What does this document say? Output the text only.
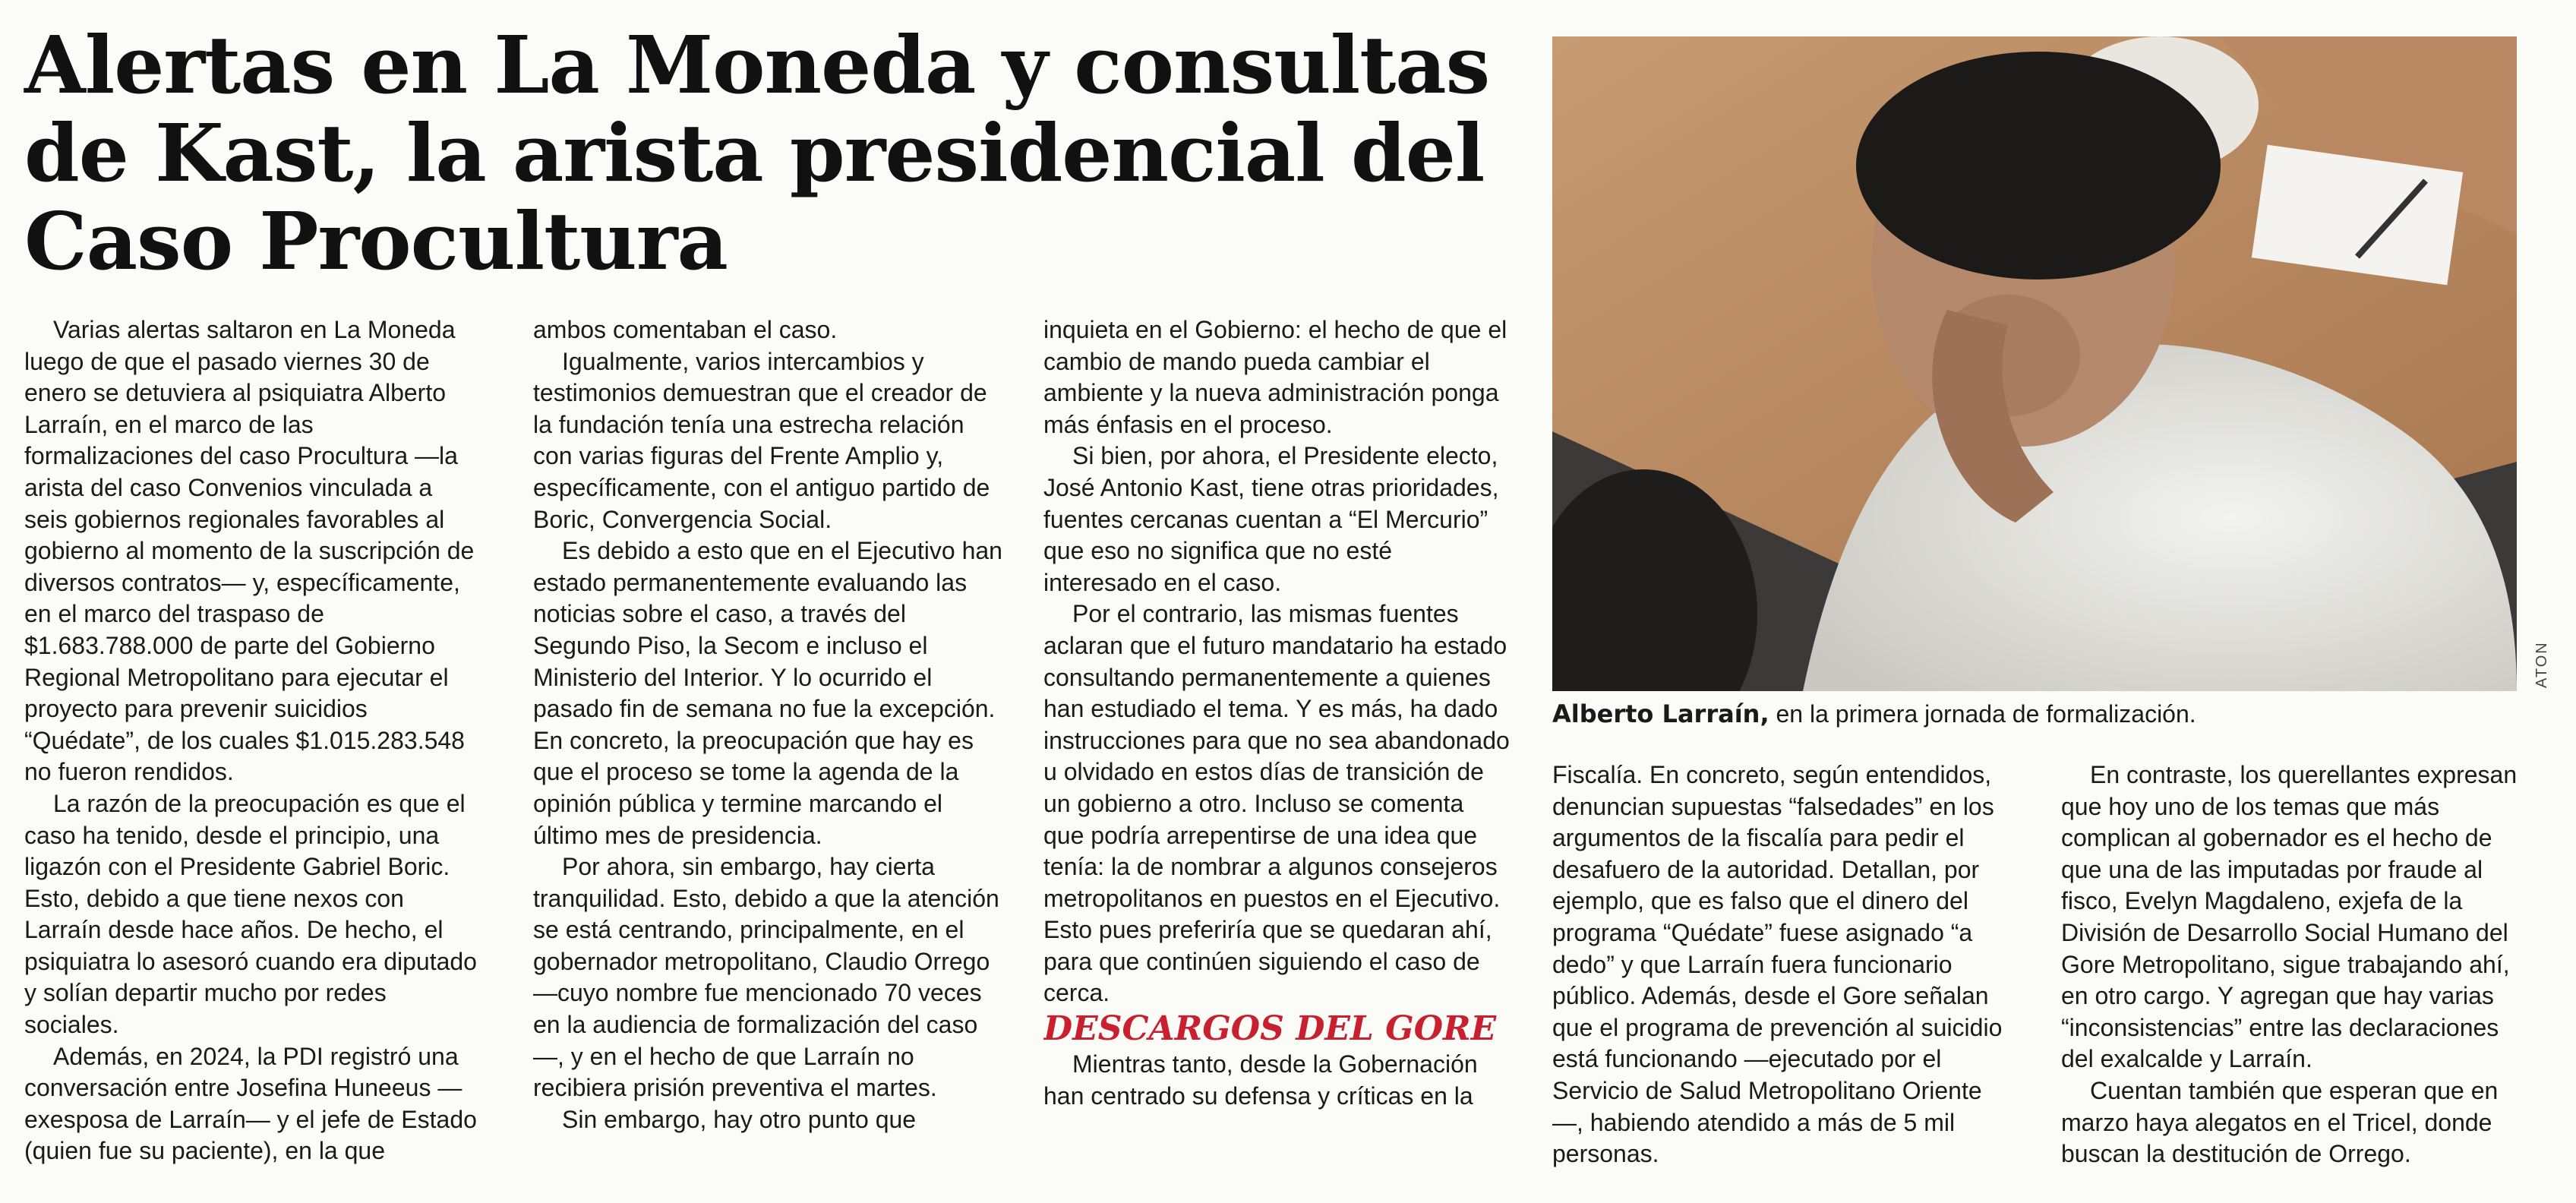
Alertas en La Moneda y consultas de Kast, la arista presidencial del Caso Procultura

Varias alertas saltaron en La Moneda luego de que el pasado viernes 30 de enero se detuviera al psiquiatra Alberto Larraín, en el marco de las formalizaciones del caso Procultura —la arista del caso Convenios vinculada a seis gobiernos regionales favorables al gobierno al momento de la suscripción de diversos contratos— y, específicamente, en el marco del traspaso de $1.683.788.000 de parte del Gobierno Regional Metropolitano para ejecutar el proyecto para prevenir suicidios “Quédate”, de los cuales $1.015.283.548 no fueron rendidos.

La razón de la preocupación es que el caso ha tenido, desde el principio, una ligazón con el Presidente Gabriel Boric. Esto, debido a que tiene nexos con Larraín desde hace años. De hecho, el psiquiatra lo asesoró cuando era diputado y solían departir mucho por redes sociales.

Además, en 2024, la PDI registró una conversación entre Josefina Huneeus —exesposa de Larraín— y el jefe de Estado (quien fue su paciente), en la que

ambos comentaban el caso.

Igualmente, varios intercambios y testimonios demuestran que el creador de la fundación tenía una estrecha relación con varias figuras del Frente Amplio y, específicamente, con el antiguo partido de Boric, Convergencia Social.

Es debido a esto que en el Ejecutivo han estado permanentemente evaluando las noticias sobre el caso, a través del Segundo Piso, la Secom e incluso el Ministerio del Interior. Y lo ocurrido el pasado fin de semana no fue la excepción. En concreto, la preocupación que hay es que el proceso se tome la agenda de la opinión pública y termine marcando el último mes de presidencia.

Por ahora, sin embargo, hay cierta tranquilidad. Esto, debido a que la atención se está centrando, principalmente, en el gobernador metropolitano, Claudio Orrego —cuyo nombre fue mencionado 70 veces en la audiencia de formalización del caso—, y en el hecho de que Larraín no recibiera prisión preventiva el martes.

Sin embargo, hay otro punto que

inquieta en el Gobierno: el hecho de que el cambio de mando pueda cambiar el ambiente y la nueva administración ponga más énfasis en el proceso.

Si bien, por ahora, el Presidente electo, José Antonio Kast, tiene otras prioridades, fuentes cercanas cuentan a “El Mercurio” que eso no significa que no esté interesado en el caso.

Por el contrario, las mismas fuentes aclaran que el futuro mandatario ha estado consultando permanentemente a quienes han estudiado el tema. Y es más, ha dado instrucciones para que no sea abandonado u olvidado en estos días de transición de un gobierno a otro. Incluso se comenta que podría arrepentirse de una idea que tenía: la de nombrar a algunos consejeros metropolitanos en puestos en el Ejecutivo. Esto pues preferiría que se quedaran ahí, para que continúen siguiendo el caso de cerca.

DESCARGOS DEL GORE

Mientras tanto, desde la Gobernación han centrado su defensa y críticas en la

ATON
Alberto Larraín, en la primera jornada de formalización.

Fiscalía. En concreto, según entendidos, denuncian supuestas “falsedades” en los argumentos de la fiscalía para pedir el desafuero de la autoridad. Detallan, por ejemplo, que es falso que el dinero del programa “Quédate” fuese asignado “a dedo” y que Larraín fuera funcionario público. Además, desde el Gore señalan que el programa de prevención al suicidio está funcionando —ejecutado por el Servicio de Salud Metropolitano Oriente—, habiendo atendido a más de 5 mil personas.

En contraste, los querellantes expresan que hoy uno de los temas que más complican al gobernador es el hecho de que una de las imputadas por fraude al fisco, Evelyn Magdaleno, exjefa de la División de Desarrollo Social Humano del Gore Metropolitano, sigue trabajando ahí, en otro cargo. Y agregan que hay varias “inconsistencias” entre las declaraciones del exalcalde y Larraín.

Cuentan también que esperan que en marzo haya alegatos en el Tricel, donde buscan la destitución de Orrego.
